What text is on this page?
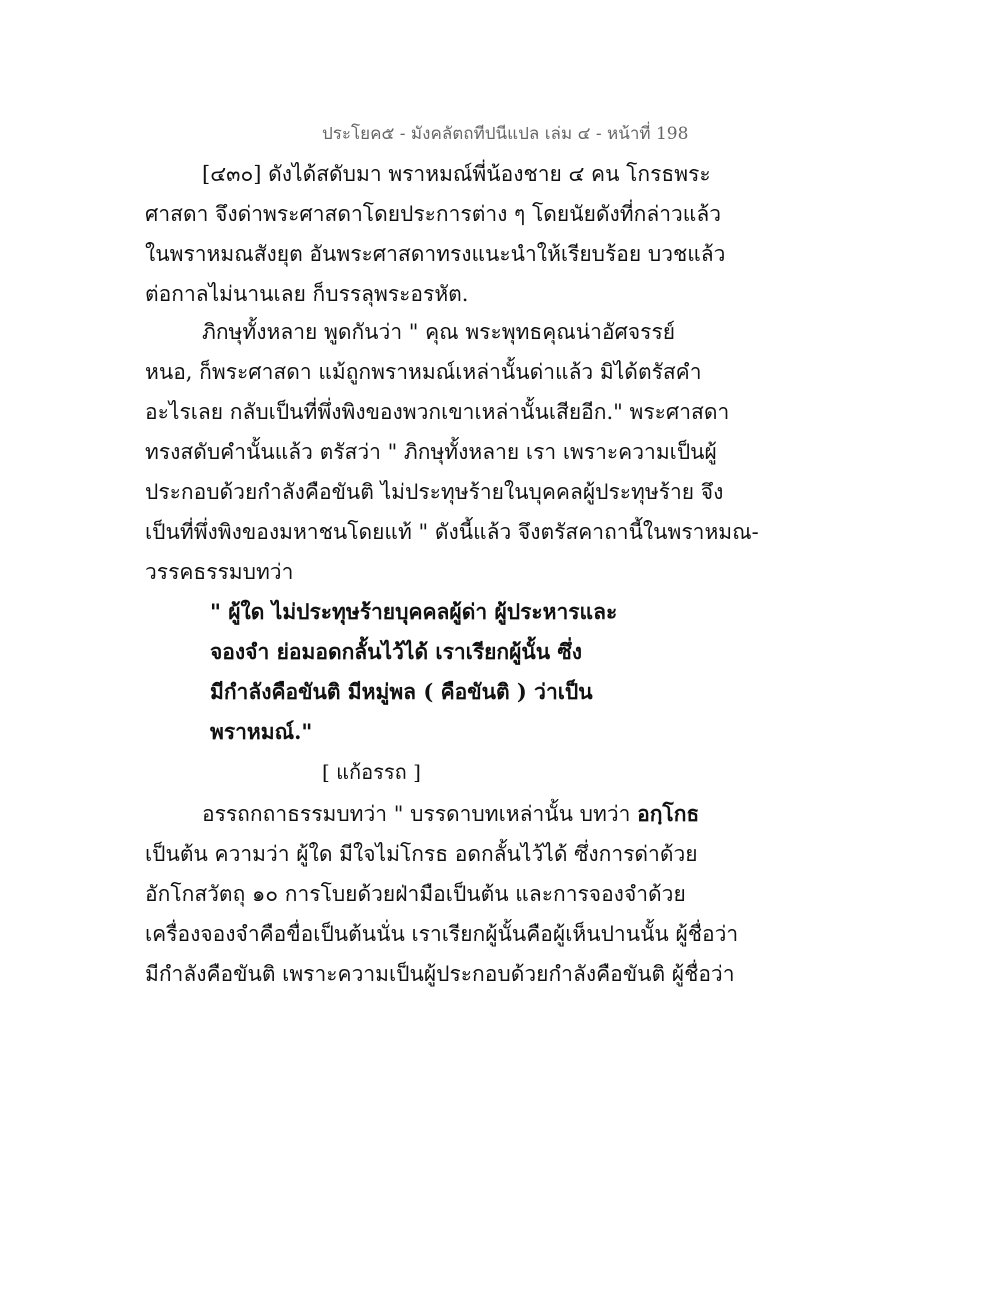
ประโยค๕ - มังคลัตถทีปนีแปล เล่ม ๔ - หน้าที่ 198
[๔๓๐] ดังได้สดับมา พราหมณ์พี่น้องชาย ๔ คน โกรธพระ
ศาสดา จึงด่าพระศาสดาโดยประการต่าง ๆ โดยนัยดังที่กล่าวแล้ว
ในพราหมณสังยุต อันพระศาสดาทรงแนะนำให้เรียบร้อย บวชแล้ว
ต่อกาลไม่นานเลย ก็บรรลุพระอรหัต.
ภิกษุทั้งหลาย พูดกันว่า " คุณ พระพุทธคุณน่าอัศจรรย์
หนอ, ก็พระศาสดา แม้ถูกพราหมณ์เหล่านั้นด่าแล้ว มิได้ตรัสคำ
อะไรเลย กลับเป็นที่พึ่งพิงของพวกเขาเหล่านั้นเสียอีก." พระศาสดา
ทรงสดับคำนั้นแล้ว ตรัสว่า " ภิกษุทั้งหลาย เรา เพราะความเป็นผู้
ประกอบด้วยกำลังคือขันติ ไม่ประทุษร้ายในบุคคลผู้ประทุษร้าย จึง
เป็นที่พึ่งพิงของมหาชนโดยแท้ " ดังนี้แล้ว จึงตรัสคาถานี้ในพราหมณ-
วรรคธรรมบทว่า
" ผู้ใด ไม่ประทุษร้ายบุคคลผู้ด่า ผู้ประหารและ
จองจำ ย่อมอดกลั้นไว้ได้ เราเรียกผู้นั้น ซึ่ง
มีกำลังคือขันติ มีหมู่พล ( คือขันติ ) ว่าเป็น
พราหมณ์."
[ แก้อรรถ ]
อรรถกถาธรรมบทว่า " บรรดาบทเหล่านั้น บทว่า อกฺโกธ
เป็นต้น ความว่า ผู้ใด มีใจไม่โกรธ อดกลั้นไว้ได้ ซึ่งการด่าด้วย
อักโกสวัตถุ ๑๐ การโบยด้วยฝ่ามือเป็นต้น และการจองจำด้วย
เครื่องจองจำคือขื่อเป็นต้นนั่น เราเรียกผู้นั้นคือผู้เห็นปานนั้น ผู้ชื่อว่า
มีกำลังคือขันติ เพราะความเป็นผู้ประกอบด้วยกำลังคือขันติ ผู้ชื่อว่า
